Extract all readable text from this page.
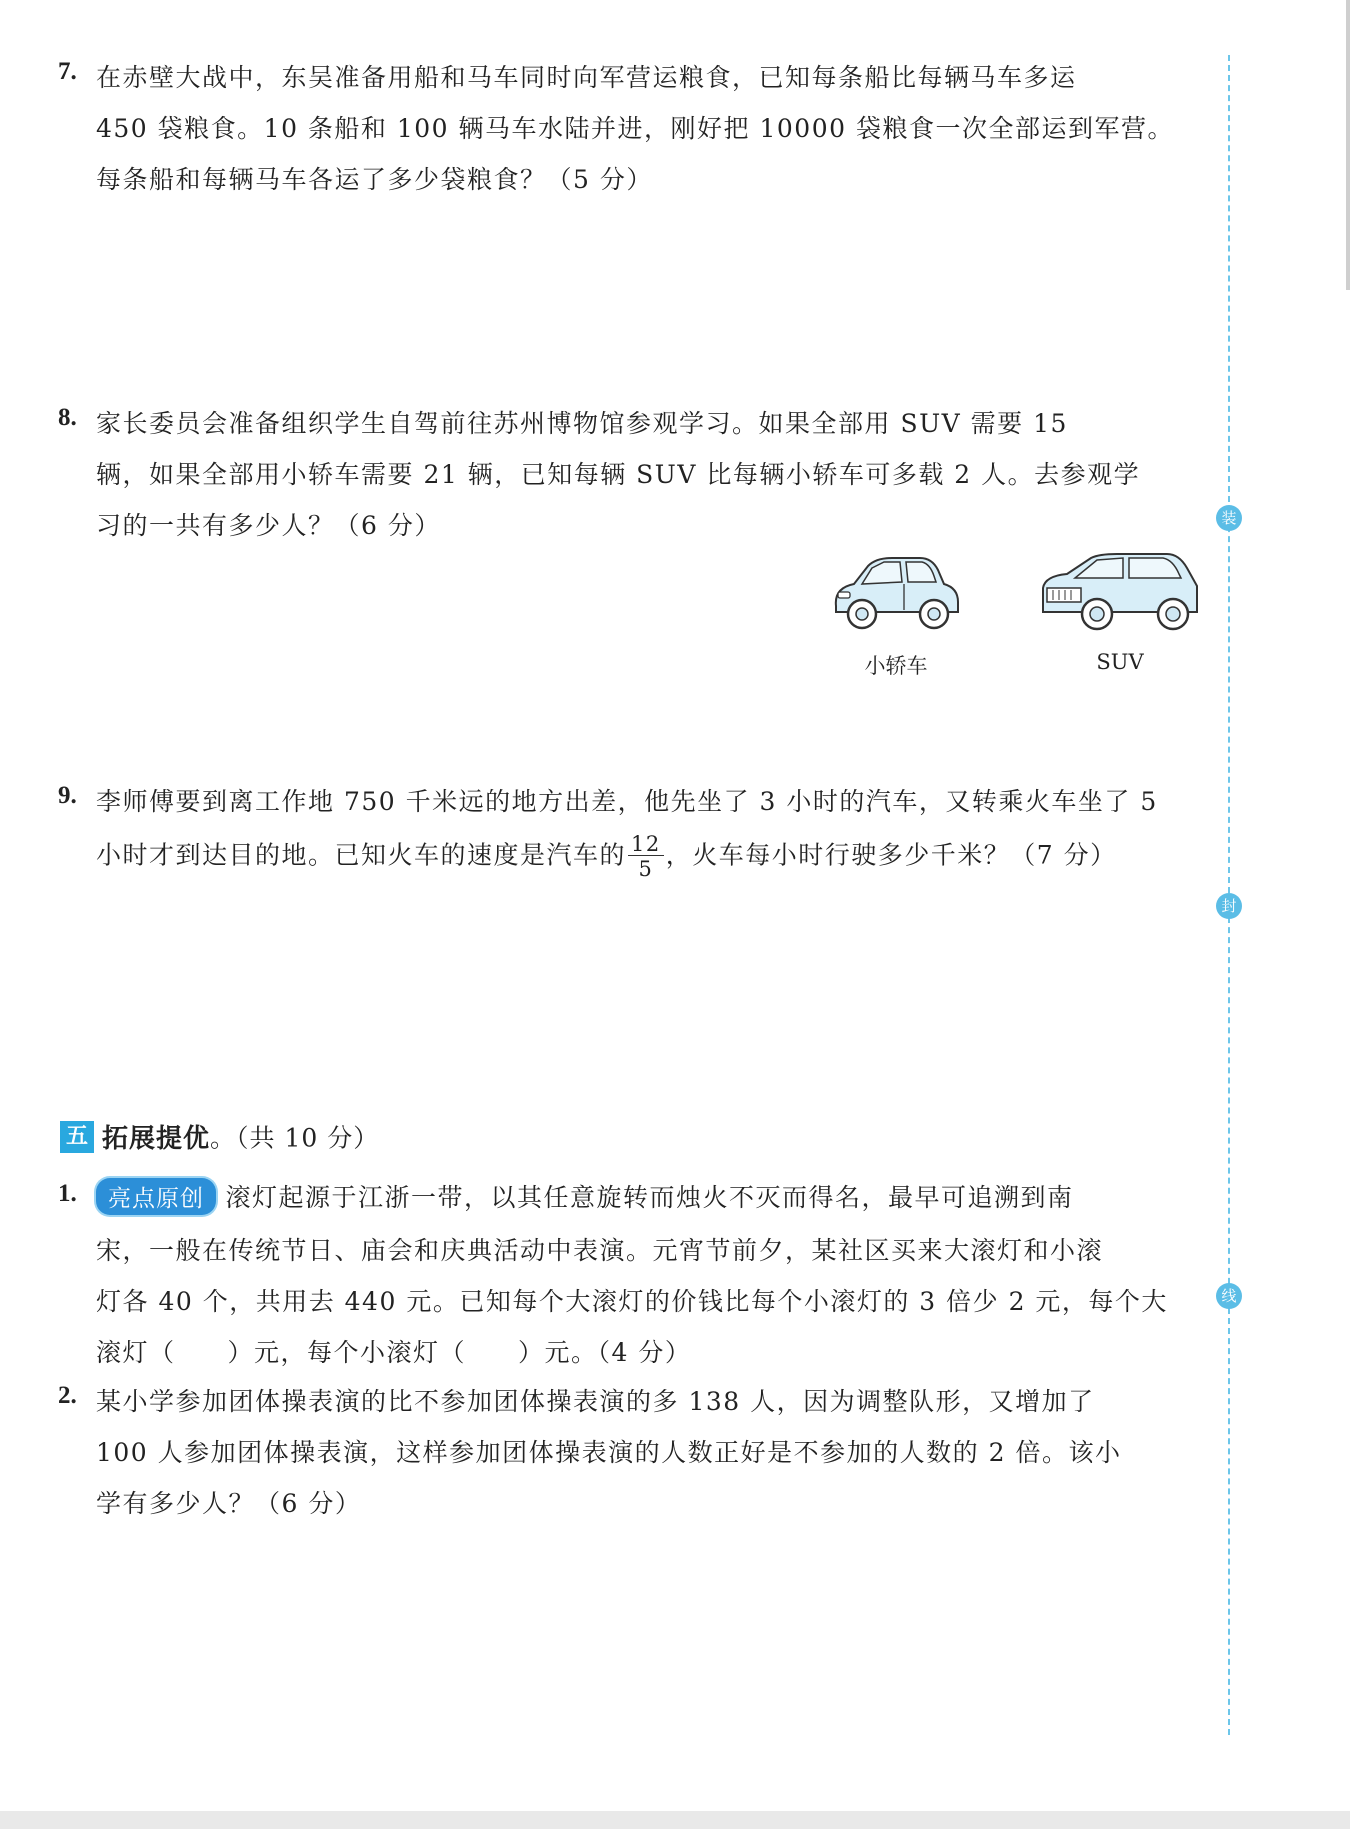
装
封
线
7. 在赤壁大战中，东吴准备用船和马车同时向军营运粮食，已知每条船比每辆马车多运
450 袋粮食。10 条船和 100 辆马车水陆并进，刚好把 10000 袋粮食一次全部运到军营。
每条船和每辆马车各运了多少袋粮食？（5 分）
8. 家长委员会准备组织学生自驾前往苏州博物馆参观学习。如果全部用 SUV 需要 15
辆，如果全部用小轿车需要 21 辆，已知每辆 SUV 比每辆小轿车可多载 2 人。去参观学
习的一共有多少人？（6 分）
小轿车	SUV
9. 李师傅要到离工作地 750 千米远的地方出差，他先坐了 3 小时的汽车，又转乘火车坐了 5
小时才到达目的地。已知火车的速度是汽车的 $\frac{12}{5}$ ，火车每小时行驶多少千米？（7 分）
五 拓展提优。（共 10 分）
1.	亮点原创 滚灯起源于江浙一带，以其任意旋转而烛火不灭而得名，最早可追溯到南
宋，一般在传统节日、庙会和庆典活动中表演。元宵节前夕，某社区买来大滚灯和小滚
灯各 40 个，共用去 440 元。已知每个大滚灯的价钱比每个小滚灯的 3 倍少 2 元，每个大
滚灯（ ）元，每个小滚灯（ ）元。（4 分）
2. 某小学参加团体操表演的比不参加团体操表演的多 138 人，因为调整队形，又增加了
100 人参加团体操表演，这样参加团体操表演的人数正好是不参加的人数的 2 倍。该小
学有多少人？（6 分）
